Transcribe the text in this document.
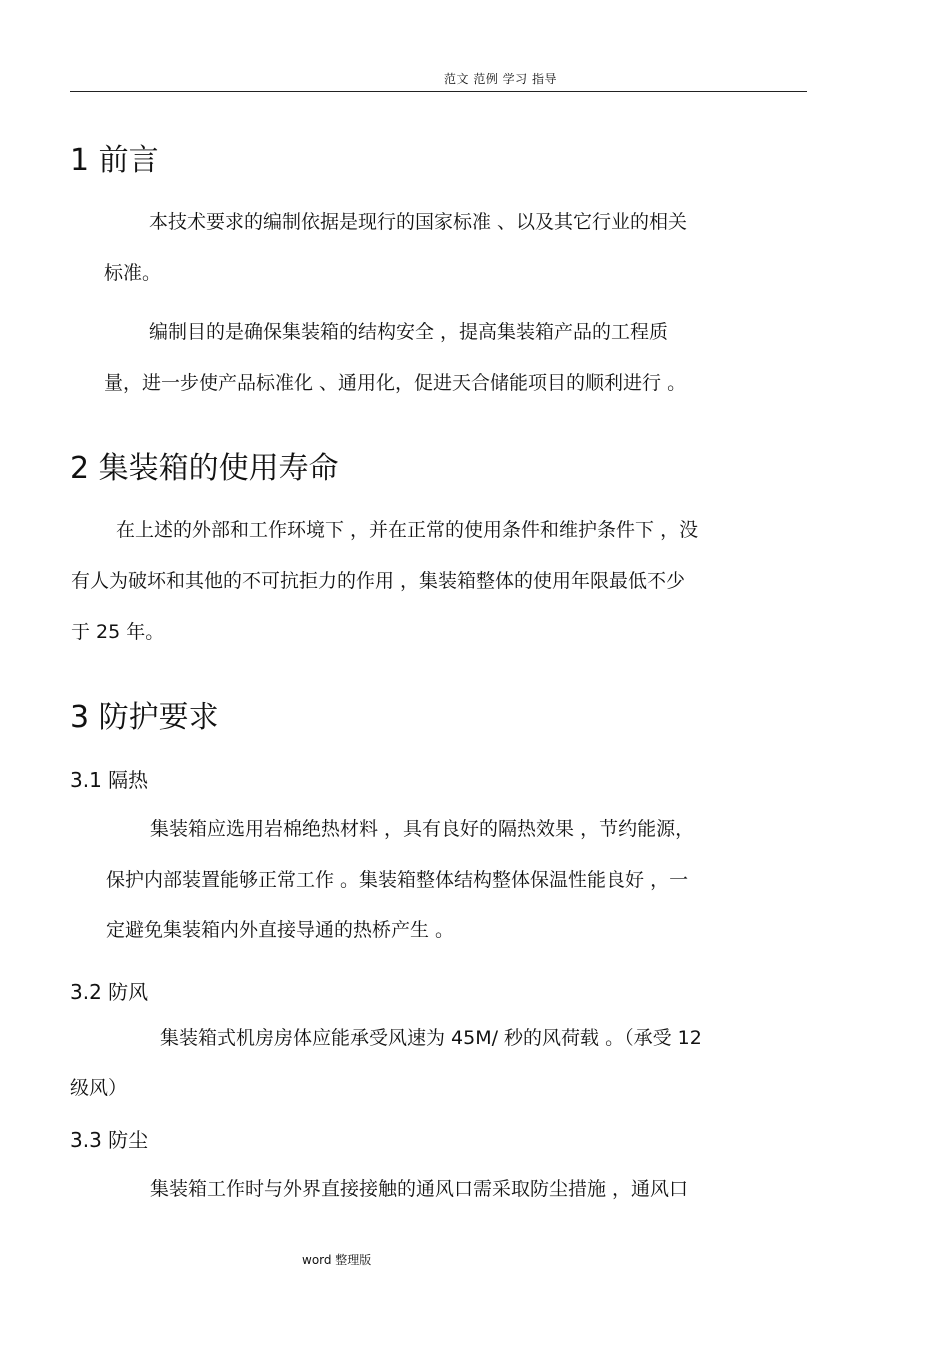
范文 范例 学习 指导
1 前言
本技术要求的编制依据是现行的国家标准 、以及其它行业的相关
标准。
编制目的是确保集装箱的结构安全 ，提高集装箱产品的工程质
量，进一步使产品标准化 、通用化，促进天合储能项目的顺利进行 。
2 集装箱的使用寿命
在上述的外部和工作环境下 ，并在正常的使用条件和维护条件下 ，没
有人为破坏和其他的不可抗拒力的作用 ，集装箱整体的使用年限最低不少
于 25 年。
3 防护要求
3.1 隔热
集装箱应选用岩棉绝热材料 ，具有良好的隔热效果 ，节约能源，
保护内部装置能够正常工作 。集装箱整体结构整体保温性能良好 ，一
定避免集装箱内外直接导通的热桥产生 。
3.2 防风
集装箱式机房房体应能承受风速为 45M/ 秒的风荷载 。（承受 12
级风）
3.3 防尘
集装箱工作时与外界直接接触的通风口需采取防尘措施 ，通风口
word 整理版
